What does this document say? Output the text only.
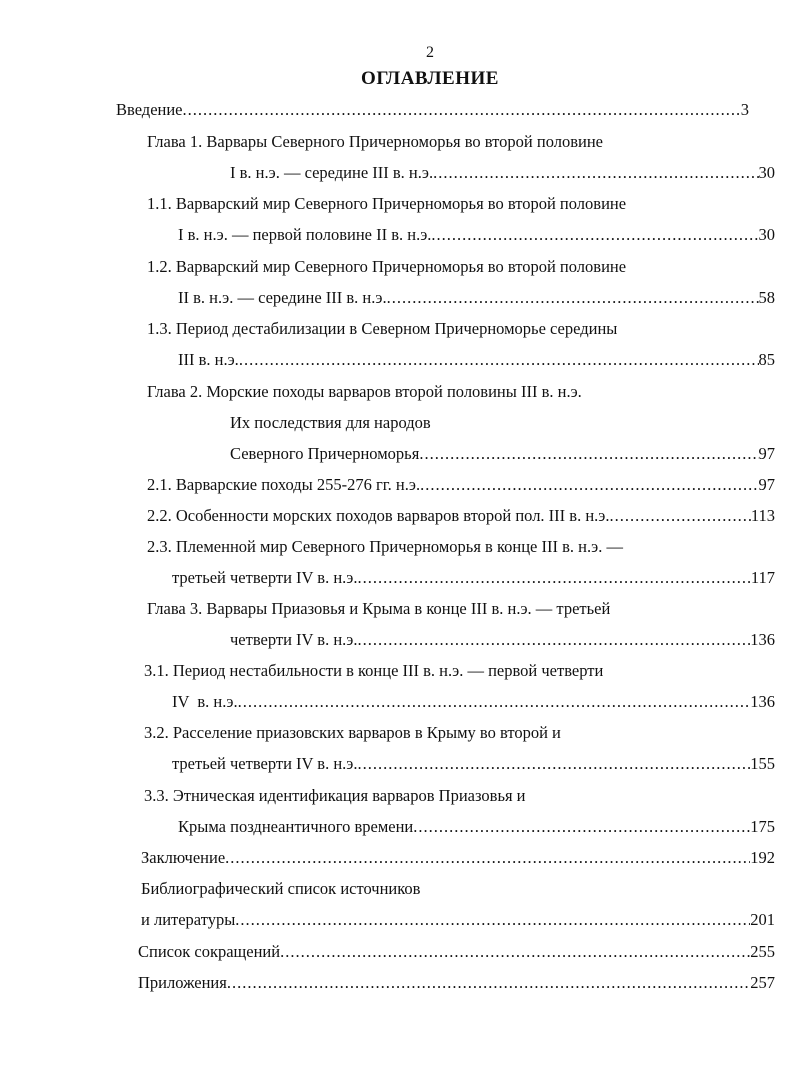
2
ОГЛАВЛЕНИЕ
Введение .....	3
Глава 1. Варвары Северного Причерноморья во второй половине
I в. н.э. — середине III в. н.э. .....	30
1.1. Варварский мир Северного Причерноморья во второй половине
I в. н.э. — первой половине II в. н.э. .....	30
1.2. Варварский мир Северного Причерноморья во второй половине
II в. н.э. — середине III в. н.э. .....	58
1.3. Период дестабилизации в Северном Причерноморье середины
III в. н.э. .....	85
Глава 2. Морские походы варваров второй половины III в. н.э.
Их последствия для народов
Северного Причерноморья .....	97
2.1. Варварские походы 255-276 гг. н.э. .....	97
2.2. Особенности морских походов варваров второй пол. III в. н.э. .....	113
2.3. Племенной мир Северного Причерноморья в конце III в. н.э. —
третьей четверти IV в. н.э. .....	117
Глава 3. Варвары Приазовья и Крыма в конце III в. н.э. — третьей
четверти IV в. н.э. .....	136
3.1. Период нестабильности в конце III в. н.э. — первой четверти
IV  в. н.э. .....	136
3.2. Расселение приазовских варваров в Крыму во второй и
третьей четверти IV в. н.э. .....	155
3.3. Этническая идентификация варваров Приазовья и
Крыма позднеантичного времени .....	175
Заключение .....	192
Библиографический список источников
и литературы .....	201
Список сокращений .....	255
Приложения .....	257
